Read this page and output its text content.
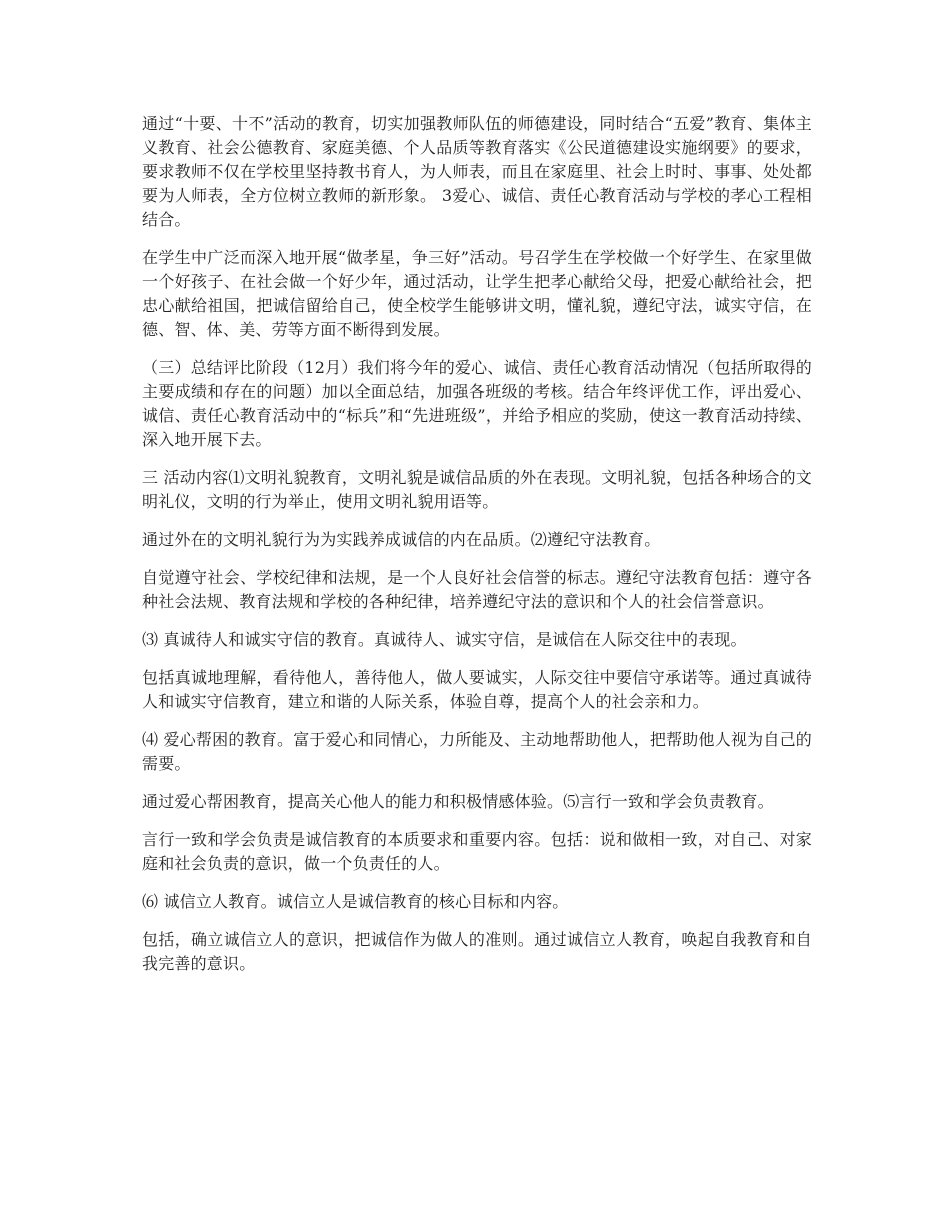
通过“十要、十不”活动的教育，切实加强教师队伍的师德建设，同时结合“五爱”教育、集体主义教育、社会公德教育、家庭美德、个人品质等教育落实《公民道德建设实施纲要》的要求，要求教师不仅在学校里坚持教书育人，为人师表，而且在家庭里、社会上时时、事事、处处都要为人师表，全方位树立教师的新形象。 3爱心、诚信、责任心教育活动与学校的孝心工程相结合。

在学生中广泛而深入地开展“做孝星，争三好”活动。号召学生在学校做一个好学生、在家里做一个好孩子、在社会做一个好少年，通过活动，让学生把孝心献给父母，把爱心献给社会，把忠心献给祖国，把诚信留给自己，使全校学生能够讲文明，懂礼貌，遵纪守法，诚实守信，在德、智、体、美、劳等方面不断得到发展。

（三）总结评比阶段（12月）我们将今年的爱心、诚信、责任心教育活动情况（包括所取得的主要成绩和存在的问题）加以全面总结，加强各班级的考核。结合年终评优工作，评出爱心、诚信、责任心教育活动中的“标兵”和“先进班级”，并给予相应的奖励，使这一教育活动持续、深入地开展下去。

三 活动内容⑴文明礼貌教育，文明礼貌是诚信品质的外在表现。文明礼貌，包括各种场合的文明礼仪，文明的行为举止，使用文明礼貌用语等。

通过外在的文明礼貌行为为实践养成诚信的内在品质。⑵遵纪守法教育。

自觉遵守社会、学校纪律和法规，是一个人良好社会信誉的标志。遵纪守法教育包括：遵守各种社会法规、教育法规和学校的各种纪律，培养遵纪守法的意识和个人的社会信誉意识。

⑶ 真诚待人和诚实守信的教育。真诚待人、诚实守信，是诚信在人际交往中的表现。

包括真诚地理解，看待他人，善待他人，做人要诚实，人际交往中要信守承诺等。通过真诚待人和诚实守信教育，建立和谐的人际关系，体验自尊，提高个人的社会亲和力。

⑷ 爱心帮困的教育。富于爱心和同情心，力所能及、主动地帮助他人，把帮助他人视为自己的需要。

通过爱心帮困教育，提高关心他人的能力和积极情感体验。⑸言行一致和学会负责教育。

言行一致和学会负责是诚信教育的本质要求和重要内容。包括：说和做相一致，对自己、对家庭和社会负责的意识，做一个负责任的人。

⑹ 诚信立人教育。诚信立人是诚信教育的核心目标和内容。

包括，确立诚信立人的意识，把诚信作为做人的准则。通过诚信立人教育，唤起自我教育和自我完善的意识。
